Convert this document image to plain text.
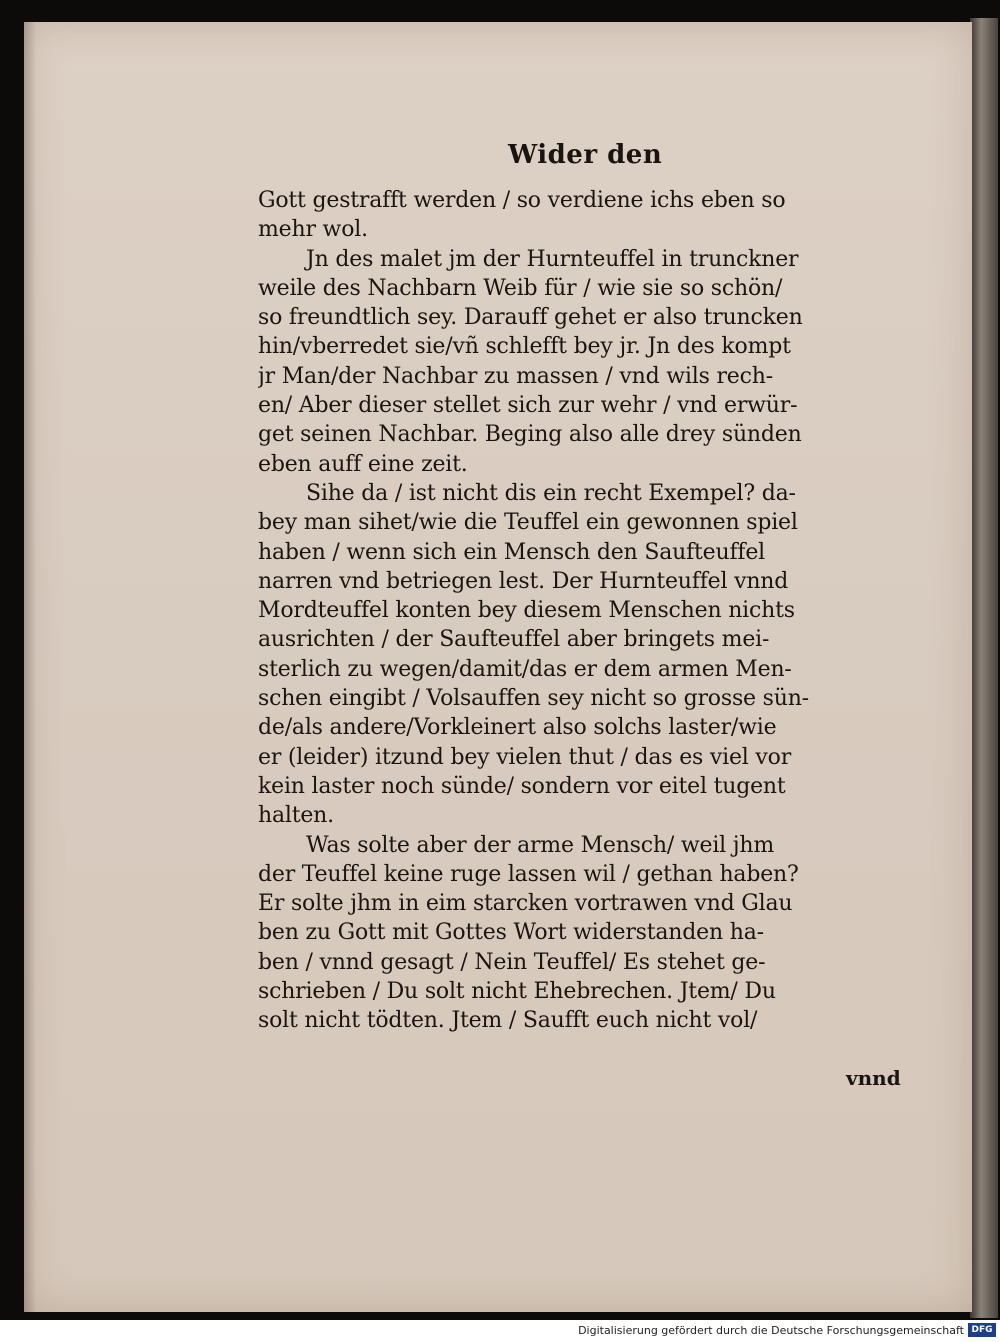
Wider den
Gott gestrafft werden / so verdiene ichs eben so
mehr wol.
Jn des malet jm der Hurnteuffel in trunckner
weile des Nachbarn Weib für / wie sie so schön/
so freundtlich sey. Darauff gehet er also truncken
hin/vberredet sie/vñ schlefft bey jr. Jn des kompt
jr Man/der Nachbar zu massen / vnd wils rech-
en/ Aber dieser stellet sich zur wehr / vnd erwür-
get seinen Nachbar. Beging also alle drey sünden
eben auff eine zeit.
Sihe da / ist nicht dis ein recht Exempel? da-
bey man sihet/wie die Teuffel ein gewonnen spiel
haben / wenn sich ein Mensch den Saufteuffel
narren vnd betriegen lest. Der Hurnteuffel vnnd
Mordteuffel konten bey diesem Menschen nichts
ausrichten / der Saufteuffel aber bringets mei-
sterlich zu wegen/damit/das er dem armen Men-
schen eingibt / Volsauffen sey nicht so grosse sün-
de/als andere/Vorkleinert also solchs laster/wie
er (leider) itzund bey vielen thut / das es viel vor
kein laster noch sünde/ sondern vor eitel tugent
halten.
Was solte aber der arme Mensch/ weil jhm
der Teuffel keine ruge lassen wil / gethan haben?
Er solte jhm in eim starcken vortrawen vnd Glau
ben zu Gott mit Gottes Wort widerstanden ha-
ben / vnnd gesagt / Nein Teuffel/ Es stehet ge-
schrieben / Du solt nicht Ehebrechen. Jtem/ Du
solt nicht tödten. Jtem / Saufft euch nicht vol/
vnnd
Digitalisierung gefördert durch die Deutsche Forschungsgemeinschaft DFG
